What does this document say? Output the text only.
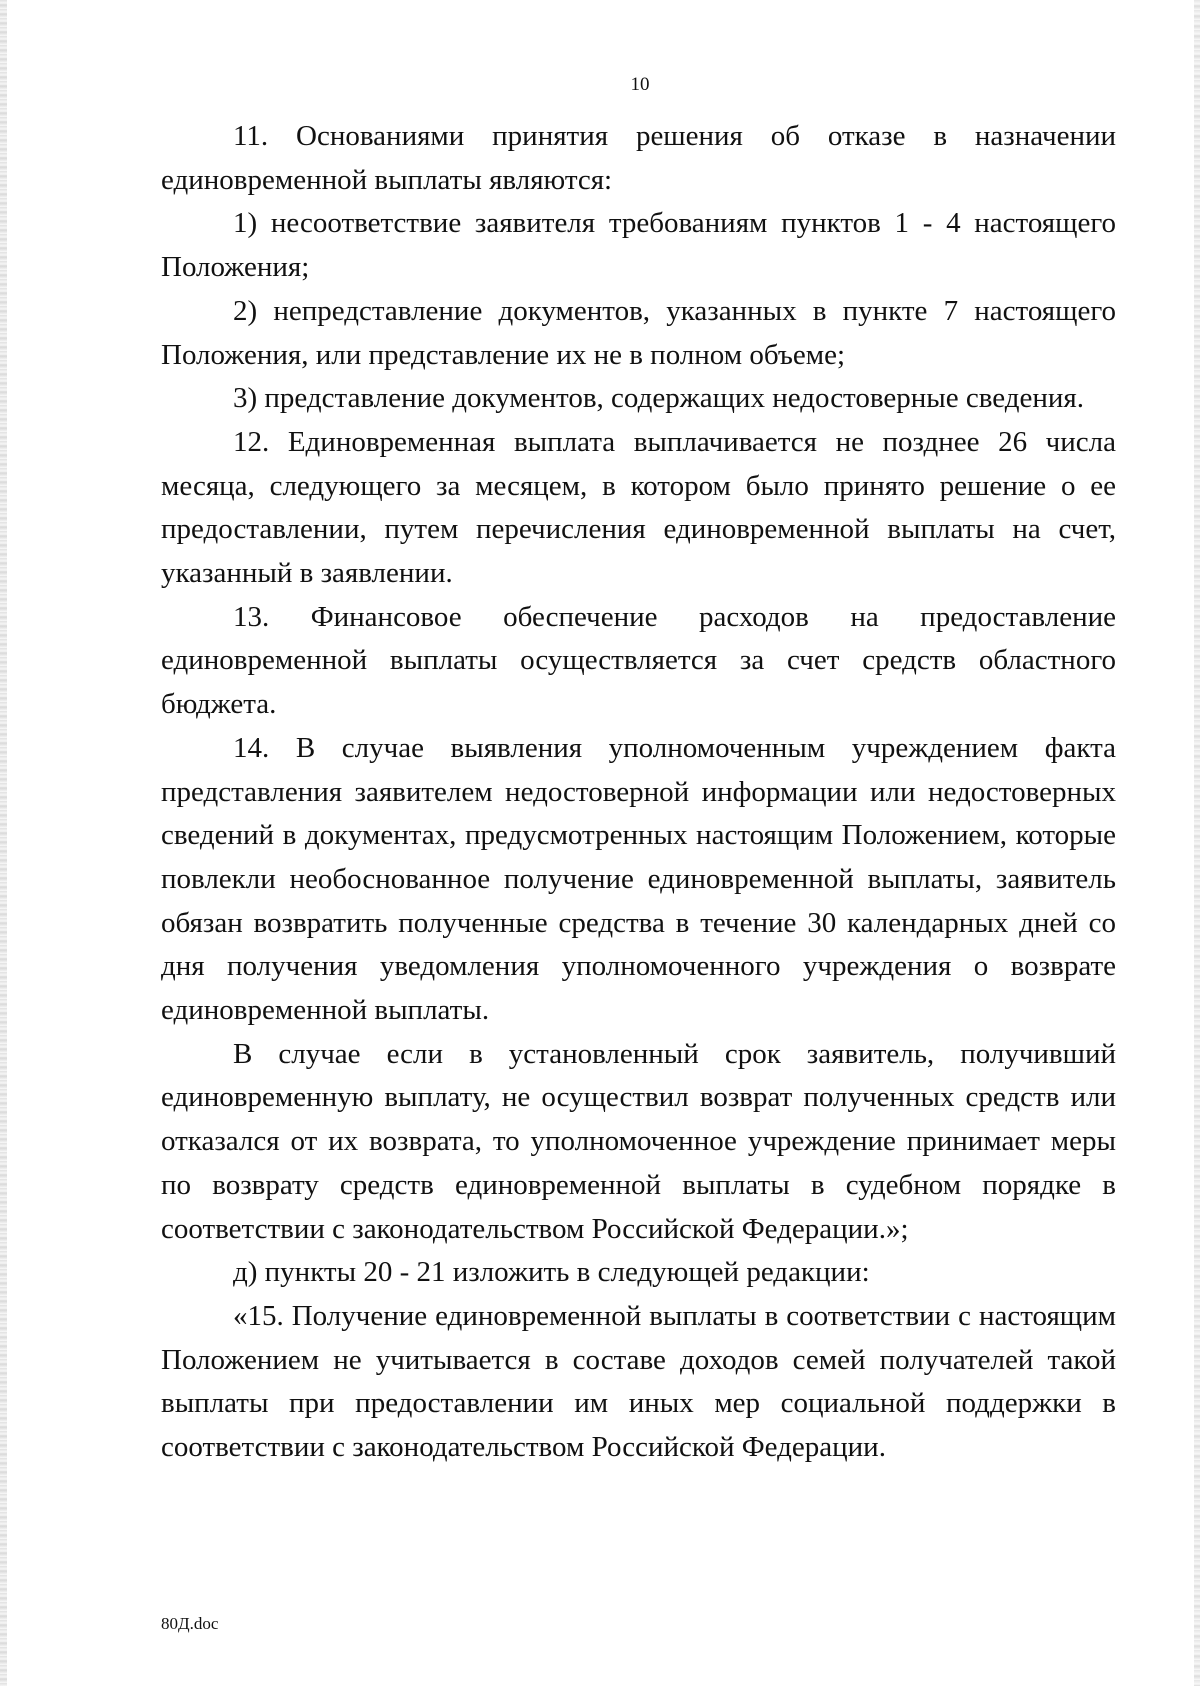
10

11. Основаниями принятия решения об отказе в назначении единовременной выплаты являются:

1) несоответствие заявителя требованиям пунктов 1 - 4 настоящего Положения;

2) непредставление документов, указанных в пункте 7 настоящего Положения, или представление их не в полном объеме;

3) представление документов, содержащих недостоверные сведения.

12. Единовременная выплата выплачивается не позднее 26 числа месяца, следующего за месяцем, в котором было принято решение о ее предоставлении, путем перечисления единовременной выплаты на счет, указанный в заявлении.

13. Финансовое обеспечение расходов на предоставление единовременной выплаты осуществляется за счет средств областного бюджета.

14. В случае выявления уполномоченным учреждением факта представления заявителем недостоверной информации или недостоверных сведений в документах, предусмотренных настоящим Положением, которые повлекли необоснованное получение единовременной выплаты, заявитель обязан возвратить полученные средства в течение 30 календарных дней со дня получения уведомления уполномоченного учреждения о возврате единовременной выплаты.

В случае если в установленный срок заявитель, получивший единовременную выплату, не осуществил возврат полученных средств или отказался от их возврата, то уполномоченное учреждение принимает меры по возврату средств единовременной выплаты в судебном порядке в соответствии с законодательством Российской Федерации.»;

д) пункты 20 - 21 изложить в следующей редакции:

«15. Получение единовременной выплаты в соответствии с настоящим Положением не учитывается в составе доходов семей получателей такой выплаты при предоставлении им иных мер социальной поддержки в соответствии с законодательством Российской Федерации.

80Д.doc
